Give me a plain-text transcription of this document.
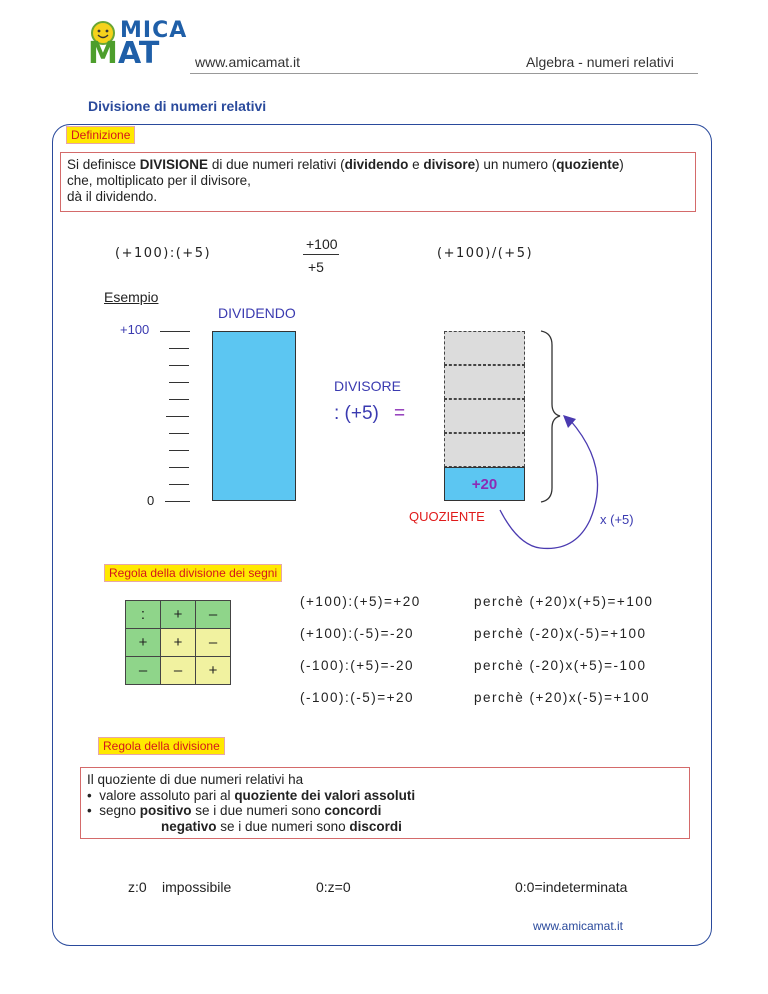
MICA
M AT	www.amicamat.it	Algebra - numeri relativi
Divisione di numeri relativi
Definizione
Si definisce DIVISIONE di due numeri relativi (dividendo e divisore) un numero (quoziente)
che, moltiplicato per il divisore,
dà il dividendo.
(+100):(+5)
+100
+5
(+100)/(+5)
Esempio
DIVIDENDO
+100
0
DIVISORE
: (+5) =
+20
QUOZIENTE	x (+5)
Regola della divisione dei segni
:	+	–
+	+	–
–	–	+
(+100):(+5)=+20	perchè (+20)x(+5)=+100
(+100):(-5)=-20	perchè (-20)x(-5)=+100
(-100):(+5)=-20	perchè (-20)x(+5)=-100
(-100):(-5)=+20	perchè (+20)x(-5)=+100
Regola della divisione
Il quoziente di due numeri relativi ha
•  valore assoluto pari al quoziente dei valori assoluti
•  segno positivo se i due numeri sono concordi
negativo se i due numeri sono discordi
z:0 impossibile	0:z=0	0:0=indeterminata
www.amicamat.it
